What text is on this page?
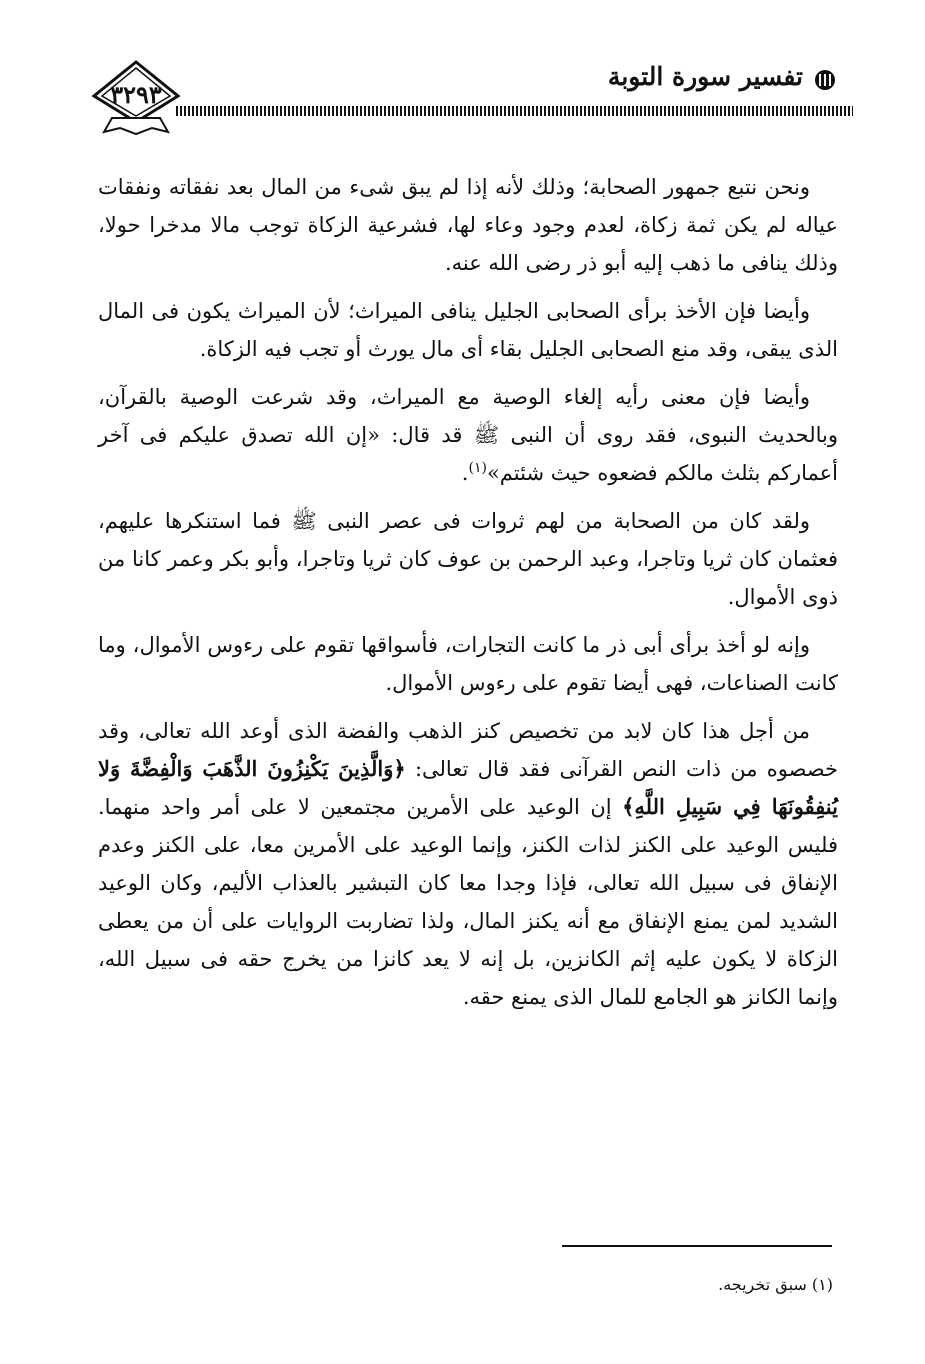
تفسير سورة التوبة
٣٢٩٣

ونحن نتبع جمهور الصحابة؛ وذلك لأنه إذا لم يبق شىء من المال بعد نفقاته ونفقات عياله لم يكن ثمة زكاة، لعدم وجود وعاء لها، فشرعية الزكاة توجب مالا مدخرا حولا، وذلك ينافى ما ذهب إليه أبو ذر رضى الله عنه.

وأيضا فإن الأخذ برأى الصحابى الجليل ينافى الميراث؛ لأن الميراث يكون فى المال الذى يبقى، وقد منع الصحابى الجليل بقاء أى مال يورث أو تجب فيه الزكاة.

وأيضا فإن معنى رأيه إلغاء الوصية مع الميراث، وقد شرعت الوصية بالقرآن، وبالحديث النبوى، فقد روى أن النبى ﷺ قد قال: «إن الله تصدق عليكم فى آخر أعماركم بثلث مالكم فضعوه حيث شئتم»$^{(١)}$.

ولقد كان من الصحابة من لهم ثروات فى عصر النبى ﷺ فما استنكرها عليهم، فعثمان كان ثريا وتاجرا، وعبد الرحمن بن عوف كان ثريا وتاجرا، وأبو بكر وعمر كانا من ذوى الأموال.

وإنه لو أخذ برأى أبى ذر ما كانت التجارات، فأسواقها تقوم على رءوس الأموال، وما كانت الصناعات، فهى أيضا تقوم على رءوس الأموال.

من أجل هذا كان لابد من تخصيص كنز الذهب والفضة الذى أوعد الله تعالى، وقد خصصوه من ذات النص القرآنى فقد قال تعالى: ﴿وَالَّذِينَ يَكْنِزُونَ الذَّهَبَ وَالْفِضَّةَ وَلا يُنفِقُونَهَا فِي سَبِيلِ اللَّهِ﴾ إن الوعيد على الأمرين مجتمعين لا على أمر واحد منهما. فليس الوعيد على الكنز لذات الكنز، وإنما الوعيد على الأمرين معا، على الكنز وعدم الإنفاق فى سبيل الله تعالى، فإذا وجدا معا كان التبشير بالعذاب الأليم، وكان الوعيد الشديد لمن يمنع الإنفاق مع أنه يكنز المال، ولذا تضاربت الروايات على أن من يعطى الزكاة لا يكون عليه إثم الكانزين، بل إنه لا يعد كانزا من يخرج حقه فى سبيل الله، وإنما الكانز هو الجامع للمال الذى يمنع حقه.

(١) سبق تخريجه.
